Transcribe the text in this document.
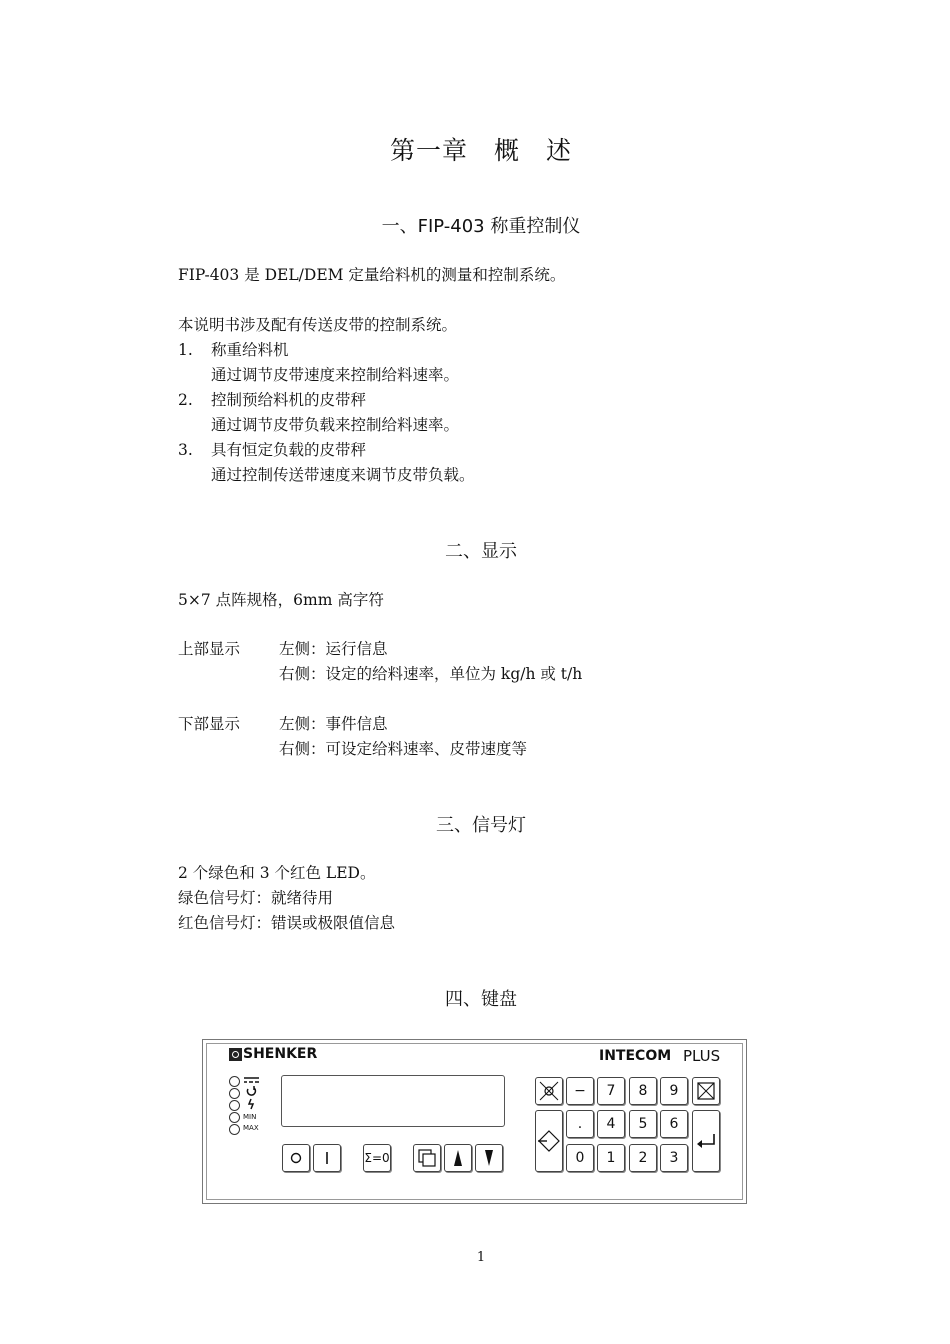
第一章　概　述
一、FIP-403 称重控制仪
FIP-403 是 DEL/DEM 定量给料机的测量和控制系统。
本说明书涉及配有传送皮带的控制系统。
1. 称重给料机
通过调节皮带速度来控制给料速率。
2. 控制预给料机的皮带秤
通过调节皮带负载来控制给料速率。
3. 具有恒定负载的皮带秤
通过控制传送带速度来调节皮带负载。
二、显示
5×7 点阵规格，6mm 高字符
上部显示	左侧：运行信息
右侧：设定的给料速率，单位为 kg/h 或 t/h
下部显示	左侧：事件信息
右侧：可设定给料速率、皮带速度等
三、信号灯
2 个绿色和 3 个红色 LED。
绿色信号灯：就绪待用
红色信号灯：错误或极限值信息
四、键盘
SHENKER	INTECOM PLUS
MIN
MAX
Σ=0
−	7	8	9
.	4	5	6
0	1	2	3
1
